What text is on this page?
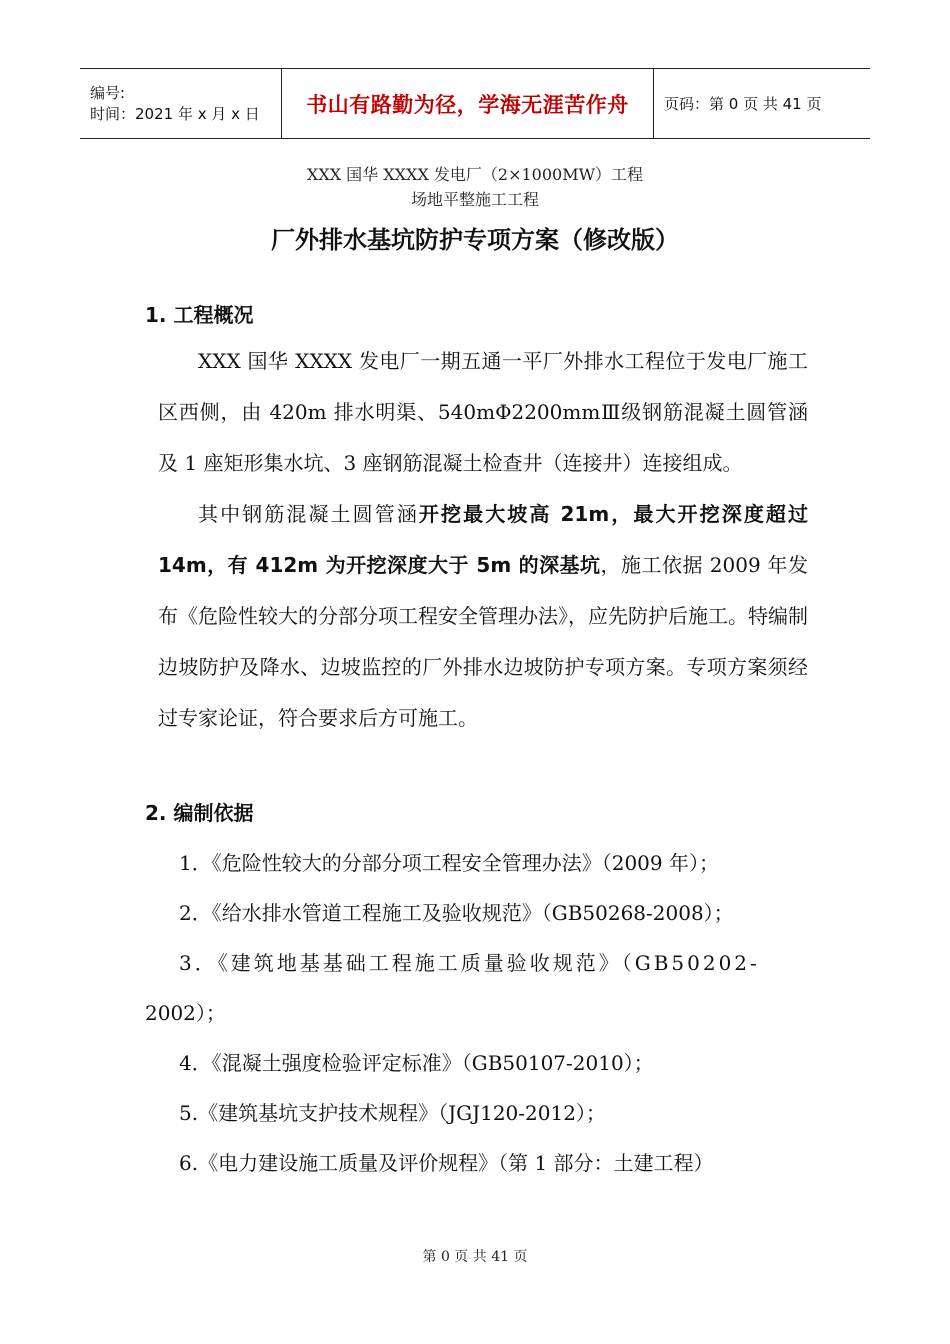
编号:
时间：2021 年 x 月 x 日	书山有路勤为径，学海无涯苦作舟 页码：第 0 页 共 41 页
XXX 国华 XXXX 发电厂（2×1000MW）工程
场地平整施工工程
厂外排水基坑防护专项方案（修改版）
1. 工程概况

XXX 国华 XXXX 发电厂一期五通一平厂外排水工程位于发电厂施工区西侧，由 420m 排水明渠、540mΦ2200mmⅢ级钢筋混凝土圆管涵及 1 座矩形集水坑、3 座钢筋混凝土检查井（连接井）连接组成。

其中钢筋混凝土圆管涵开挖最大坡高 21m，最大开挖深度超过 14m，有 412m 为开挖深度大于 5m 的深基坑，施工依据 2009 年发布《危险性较大的分部分项工程安全管理办法》，应先防护后施工。特编制边坡防护及降水、边坡监控的厂外排水边坡防护专项方案。专项方案须经过专家论证，符合要求后方可施工。

2. 编制依据
1．《危险性较大的分部分项工程安全管理办法》（2009 年）；
2．《给水排水管道工程施工及验收规范》（GB50268-2008）；
3．《建筑地基基础工程施工质量验收规范》（GB50202-
2002）；
4．《混凝土强度检验评定标准》（GB50107-2010）；
5.《建筑基坑支护技术规程》（JGJ120-2012）；
6.《电力建设施工质量及评价规程》（第 1 部分：土建工程）
第 0 页 共 41 页
